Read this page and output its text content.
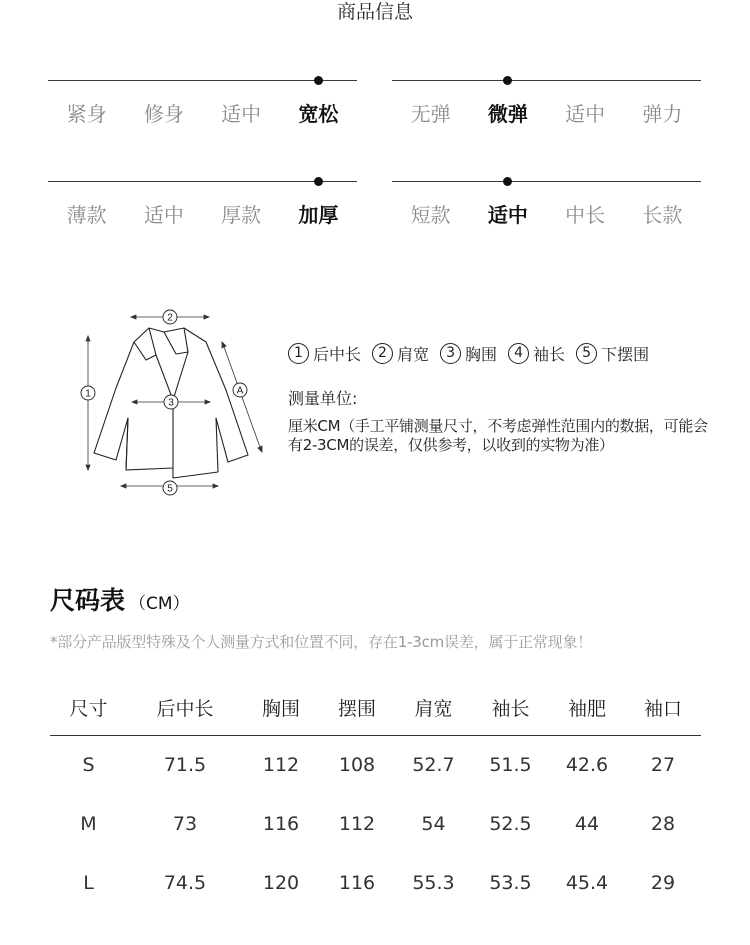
商品信息
紧身	修身	适中	宽松	无弹	微弹	适中	弹力
薄款	适中	厚款	加厚	短款	适中	中长	长款
2
1
3
A
5
1 后中长	2 肩宽	3 胸围	4 袖长	5 下摆围
测量单位:
厘米CM（手工平铺测量尺寸，不考虑弹性范围内的数据，可能会有2-3CM的误差，仅供参考，以收到的实物为准）
尺码表 （CM）
*部分产品版型特殊及个人测量方式和位置不同，存在1-3cm误差，属于正常现象！
尺寸	后中长	胸围	摆围	肩宽	袖长	袖肥	袖口
S	71.5	112	108	52.7	51.5	42.6	27
M	73	116	112	54	52.5	44	28
L	74.5	120	116	55.3	53.5	45.4	29
